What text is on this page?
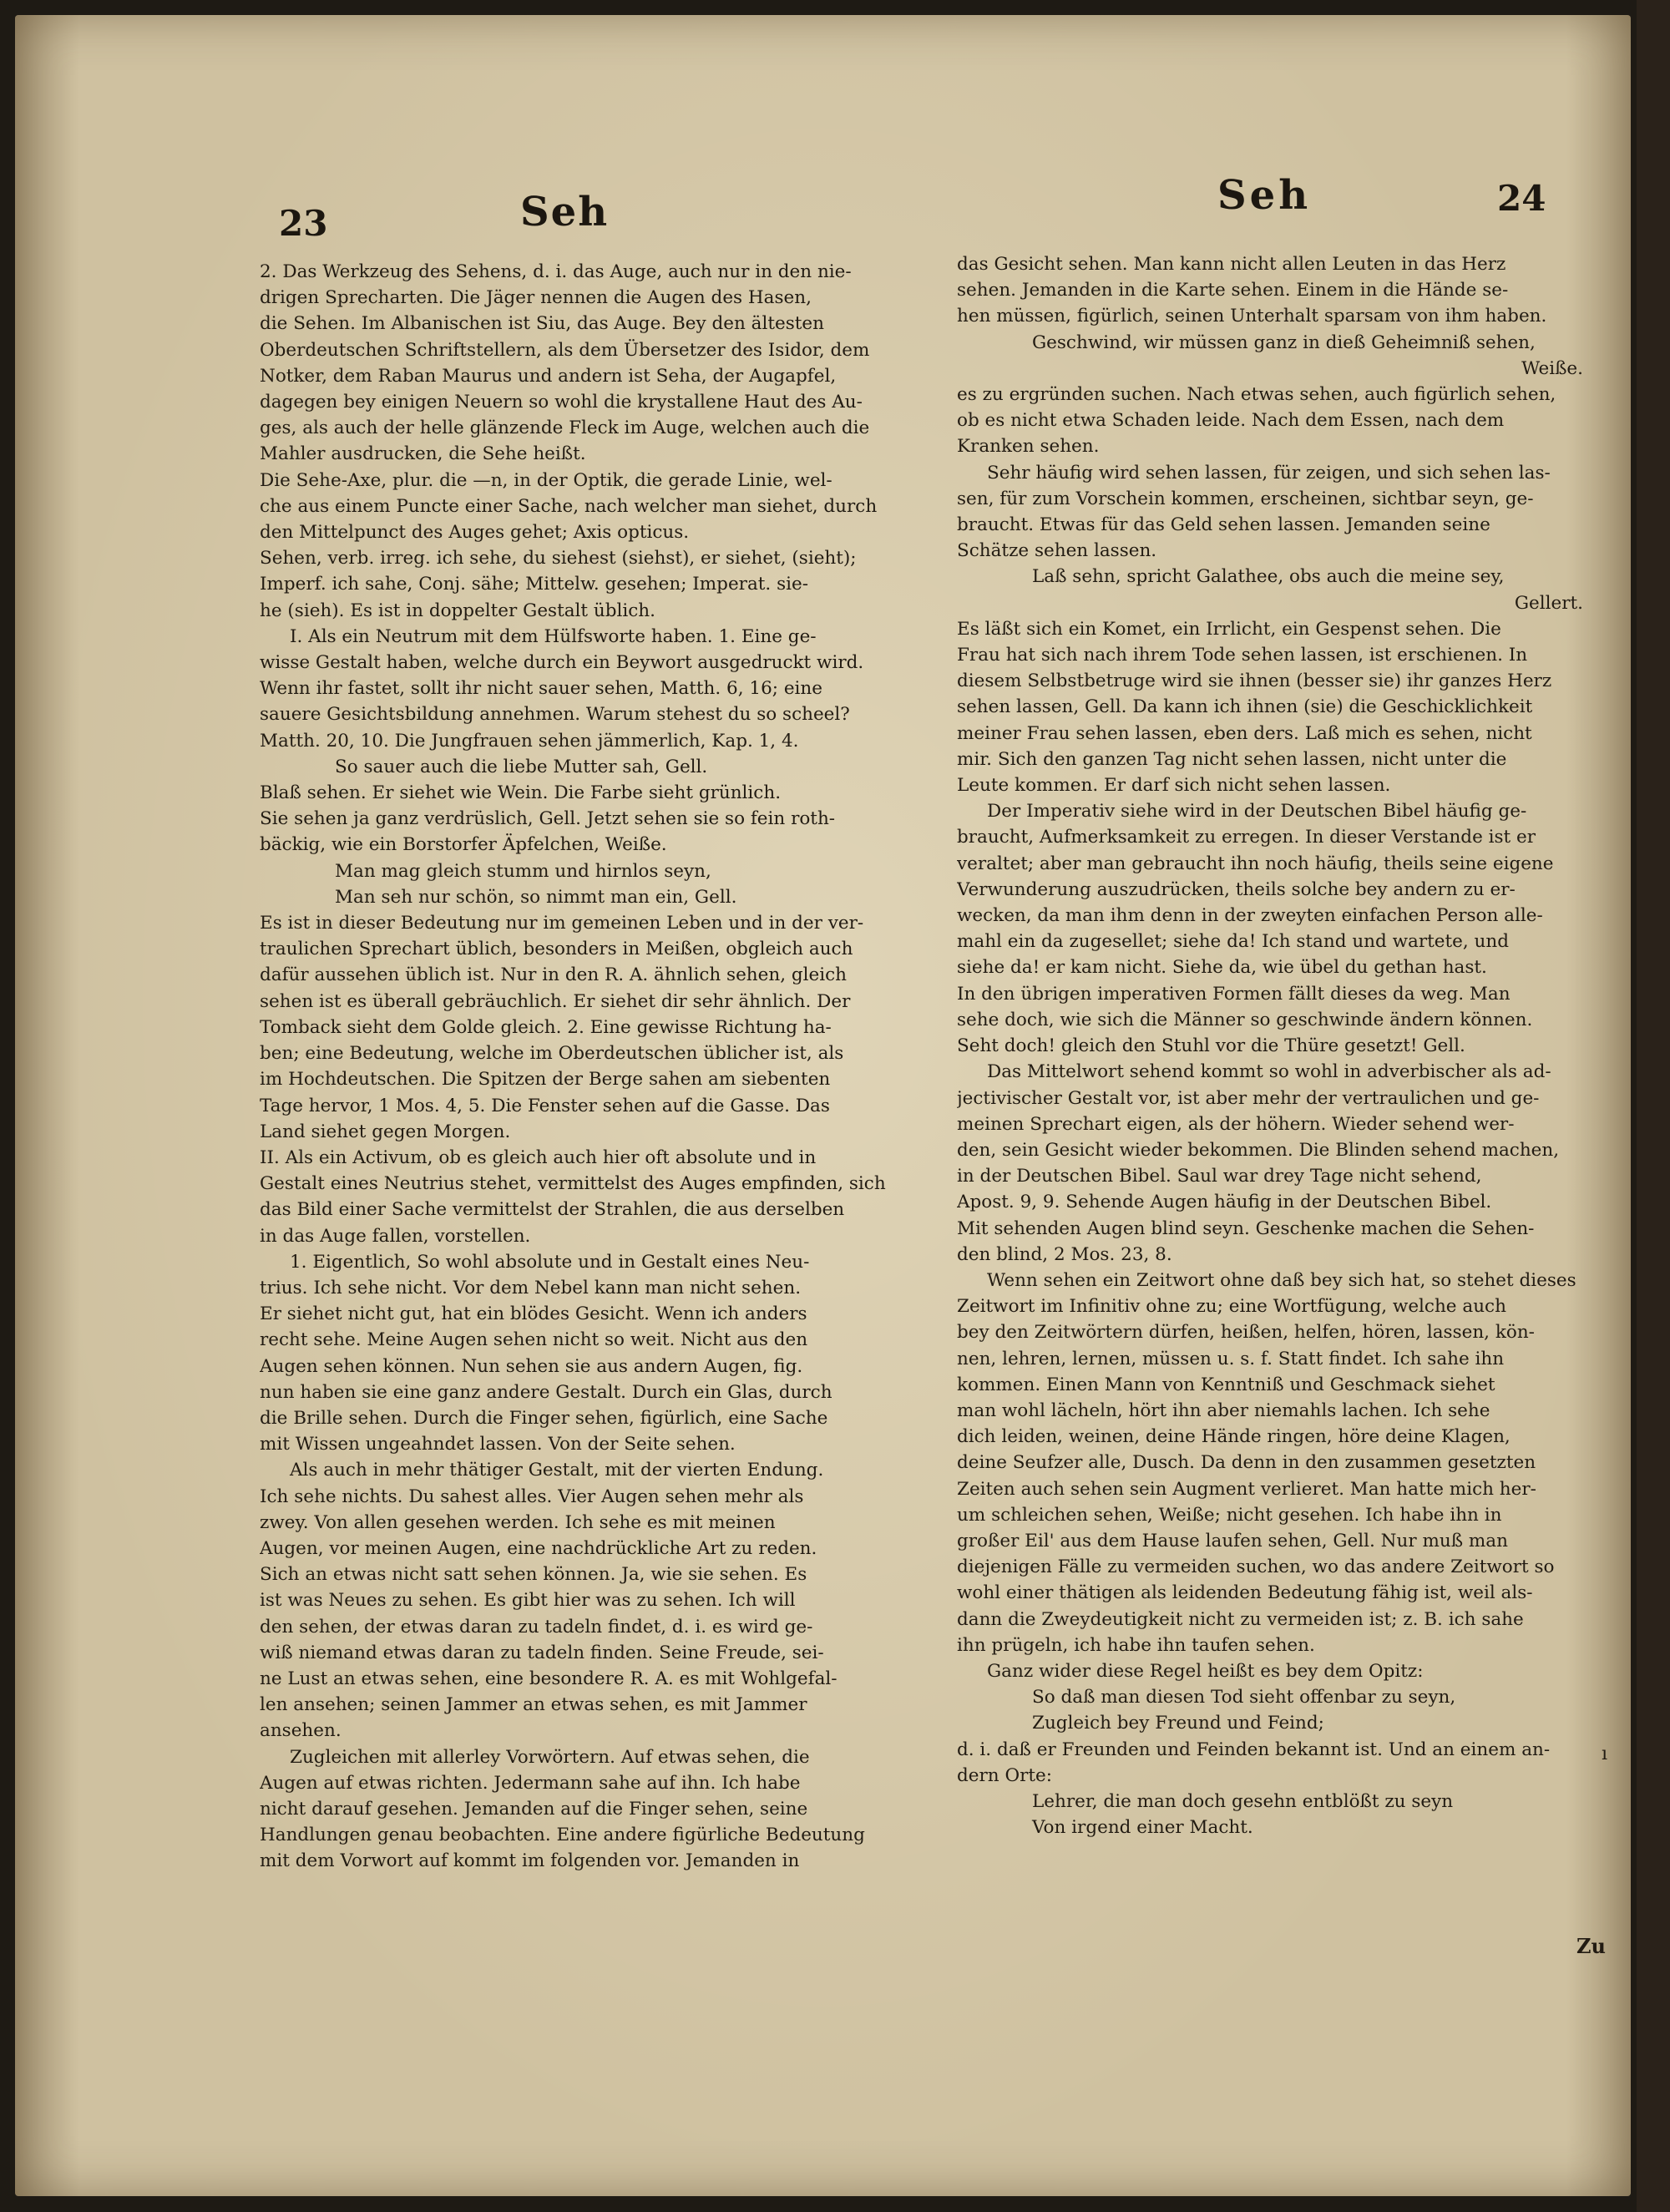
23	Seh	Seh	24

2. Das Werkzeug des Sehens, d. i. das Auge, auch nur in den nie-

drigen Sprecharten. Die Jäger nennen die Augen des Hasen,

die Sehen. Im Albanischen ist Siu, das Auge. Bey den ältesten

Oberdeutschen Schriftstellern, als dem Übersetzer des Isidor, dem

Notker, dem Raban Maurus und andern ist Seha, der Augapfel,

dagegen bey einigen Neuern so wohl die krystallene Haut des Au-

ges, als auch der helle glänzende Fleck im Auge, welchen auch die

Mahler ausdrucken, die Sehe heißt.

Die Sehe-Axe, plur. die —n, in der Optik, die gerade Linie, wel-

che aus einem Puncte einer Sache, nach welcher man siehet, durch

den Mittelpunct des Auges gehet; Axis opticus.

Sehen, verb. irreg. ich sehe, du siehest (siehst), er siehet, (sieht);

Imperf. ich sahe, Conj. sähe; Mittelw. gesehen; Imperat. sie-

he (sieh). Es ist in doppelter Gestalt üblich.

I. Als ein Neutrum mit dem Hülfsworte haben. 1. Eine ge-

wisse Gestalt haben, welche durch ein Beywort ausgedruckt wird.

Wenn ihr fastet, sollt ihr nicht sauer sehen, Matth. 6, 16; eine

sauere Gesichtsbildung annehmen. Warum stehest du so scheel?

Matth. 20, 10. Die Jungfrauen sehen jämmerlich, Kap. 1, 4.

So sauer auch die liebe Mutter sah, Gell.

Blaß sehen. Er siehet wie Wein. Die Farbe sieht grünlich.

Sie sehen ja ganz verdrüslich, Gell. Jetzt sehen sie so fein roth-

bäckig, wie ein Borstorfer Äpfelchen, Weiße.

Man mag gleich stumm und hirnlos seyn,

Man seh nur schön, so nimmt man ein, Gell.

Es ist in dieser Bedeutung nur im gemeinen Leben und in der ver-

traulichen Sprechart üblich, besonders in Meißen, obgleich auch

dafür aussehen üblich ist. Nur in den R. A. ähnlich sehen, gleich

sehen ist es überall gebräuchlich. Er siehet dir sehr ähnlich. Der

Tomback sieht dem Golde gleich. 2. Eine gewisse Richtung ha-

ben; eine Bedeutung, welche im Oberdeutschen üblicher ist, als

im Hochdeutschen. Die Spitzen der Berge sahen am siebenten

Tage hervor, 1 Mos. 4, 5. Die Fenster sehen auf die Gasse. Das

Land siehet gegen Morgen.

II. Als ein Activum, ob es gleich auch hier oft absolute und in

Gestalt eines Neutrius stehet, vermittelst des Auges empfinden, sich

das Bild einer Sache vermittelst der Strahlen, die aus derselben

in das Auge fallen, vorstellen.

1. Eigentlich, So wohl absolute und in Gestalt eines Neu-

trius. Ich sehe nicht. Vor dem Nebel kann man nicht sehen.

Er siehet nicht gut, hat ein blödes Gesicht. Wenn ich anders

recht sehe. Meine Augen sehen nicht so weit. Nicht aus den

Augen sehen können. Nun sehen sie aus andern Augen, fig.

nun haben sie eine ganz andere Gestalt. Durch ein Glas, durch

die Brille sehen. Durch die Finger sehen, figürlich, eine Sache

mit Wissen ungeahndet lassen. Von der Seite sehen.

Als auch in mehr thätiger Gestalt, mit der vierten Endung.

Ich sehe nichts. Du sahest alles. Vier Augen sehen mehr als

zwey. Von allen gesehen werden. Ich sehe es mit meinen

Augen, vor meinen Augen, eine nachdrückliche Art zu reden.

Sich an etwas nicht satt sehen können. Ja, wie sie sehen. Es

ist was Neues zu sehen. Es gibt hier was zu sehen. Ich will

den sehen, der etwas daran zu tadeln findet, d. i. es wird ge-

wiß niemand etwas daran zu tadeln finden. Seine Freude, sei-

ne Lust an etwas sehen, eine besondere R. A. es mit Wohlgefal-

len ansehen; seinen Jammer an etwas sehen, es mit Jammer

ansehen.

Zugleichen mit allerley Vorwörtern. Auf etwas sehen, die

Augen auf etwas richten. Jedermann sahe auf ihn. Ich habe

nicht darauf gesehen. Jemanden auf die Finger sehen, seine

Handlungen genau beobachten. Eine andere figürliche Bedeutung

mit dem Vorwort auf kommt im folgenden vor. Jemanden in

das Gesicht sehen. Man kann nicht allen Leuten in das Herz

sehen. Jemanden in die Karte sehen. Einem in die Hände se-

hen müssen, figürlich, seinen Unterhalt sparsam von ihm haben.

Geschwind, wir müssen ganz in dieß Geheimniß sehen,

Weiße.

es zu ergründen suchen. Nach etwas sehen, auch figürlich sehen,

ob es nicht etwa Schaden leide. Nach dem Essen, nach dem

Kranken sehen.

Sehr häufig wird sehen lassen, für zeigen, und sich sehen las-

sen, für zum Vorschein kommen, erscheinen, sichtbar seyn, ge-

braucht. Etwas für das Geld sehen lassen. Jemanden seine

Schätze sehen lassen.

Laß sehn, spricht Galathee, obs auch die meine sey,

Gellert.

Es läßt sich ein Komet, ein Irrlicht, ein Gespenst sehen. Die

Frau hat sich nach ihrem Tode sehen lassen, ist erschienen. In

diesem Selbstbetruge wird sie ihnen (besser sie) ihr ganzes Herz

sehen lassen, Gell. Da kann ich ihnen (sie) die Geschicklichkeit

meiner Frau sehen lassen, eben ders. Laß mich es sehen, nicht

mir. Sich den ganzen Tag nicht sehen lassen, nicht unter die

Leute kommen. Er darf sich nicht sehen lassen.

Der Imperativ siehe wird in der Deutschen Bibel häufig ge-

braucht, Aufmerksamkeit zu erregen. In dieser Verstande ist er

veraltet; aber man gebraucht ihn noch häufig, theils seine eigene

Verwunderung auszudrücken, theils solche bey andern zu er-

wecken, da man ihm denn in der zweyten einfachen Person alle-

mahl ein da zugesellet; siehe da! Ich stand und wartete, und

siehe da! er kam nicht. Siehe da, wie übel du gethan hast.

In den übrigen imperativen Formen fällt dieses da weg. Man

sehe doch, wie sich die Männer so geschwinde ändern können.

Seht doch! gleich den Stuhl vor die Thüre gesetzt! Gell.

Das Mittelwort sehend kommt so wohl in adverbischer als ad-

jectivischer Gestalt vor, ist aber mehr der vertraulichen und ge-

meinen Sprechart eigen, als der höhern. Wieder sehend wer-

den, sein Gesicht wieder bekommen. Die Blinden sehend machen,

in der Deutschen Bibel. Saul war drey Tage nicht sehend,

Apost. 9, 9. Sehende Augen häufig in der Deutschen Bibel.

Mit sehenden Augen blind seyn. Geschenke machen die Sehen-

den blind, 2 Mos. 23, 8.

Wenn sehen ein Zeitwort ohne daß bey sich hat, so stehet dieses

Zeitwort im Infinitiv ohne zu; eine Wortfügung, welche auch

bey den Zeitwörtern dürfen, heißen, helfen, hören, lassen, kön-

nen, lehren, lernen, müssen u. s. f. Statt findet. Ich sahe ihn

kommen. Einen Mann von Kenntniß und Geschmack siehet

man wohl lächeln, hört ihn aber niemahls lachen. Ich sehe

dich leiden, weinen, deine Hände ringen, höre deine Klagen,

deine Seufzer alle, Dusch. Da denn in den zusammen gesetzten

Zeiten auch sehen sein Augment verlieret. Man hatte mich her-

um schleichen sehen, Weiße; nicht gesehen. Ich habe ihn in

großer Eil' aus dem Hause laufen sehen, Gell. Nur muß man

diejenigen Fälle zu vermeiden suchen, wo das andere Zeitwort so

wohl einer thätigen als leidenden Bedeutung fähig ist, weil als-

dann die Zweydeutigkeit nicht zu vermeiden ist; z. B. ich sahe

ihn prügeln, ich habe ihn taufen sehen.

Ganz wider diese Regel heißt es bey dem Opitz:

So daß man diesen Tod sieht offenbar zu seyn,

Zugleich bey Freund und Feind;

d. i. daß er Freunden und Feinden bekannt ist. Und an einem an-

dern Orte:

Lehrer, die man doch gesehn entblößt zu seyn

Von irgend einer Macht.

Zu
ı
